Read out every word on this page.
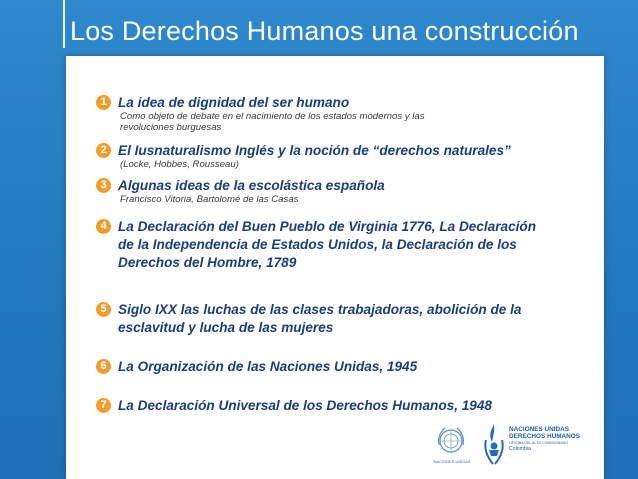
Los Derechos Humanos una construcción
1 La idea de dignidad del ser humano
Como objeto de debate en el nacimiento de los estados modernos y las
revoluciones burguesas
2 El Iusnaturalismo Inglés y la noción de “derechos naturales”
(Locke, Hobbes, Rousseau)
3 Algunas ideas de la escolástica española
Francisco Vitoria, Bartolomé de las Casas
4 La Declaración del Buen Pueblo de Virginia 1776, La Declaración
de la Independencia de Estados Unidos, la Declaración de los
Derechos del Hombre, 1789
5 Siglo IXX las luchas de las clases trabajadoras, abolición de la
esclavitud y lucha de las mujeres
6 La Organización de las Naciones Unidas, 1945
7 La Declaración Universal de los Derechos Humanos, 1948
NACIONES UNIDAS
NACIONES UNIDAS
DERECHOS HUMANOS
OFICINA DEL ALTO COMISIONADO
Colombia
